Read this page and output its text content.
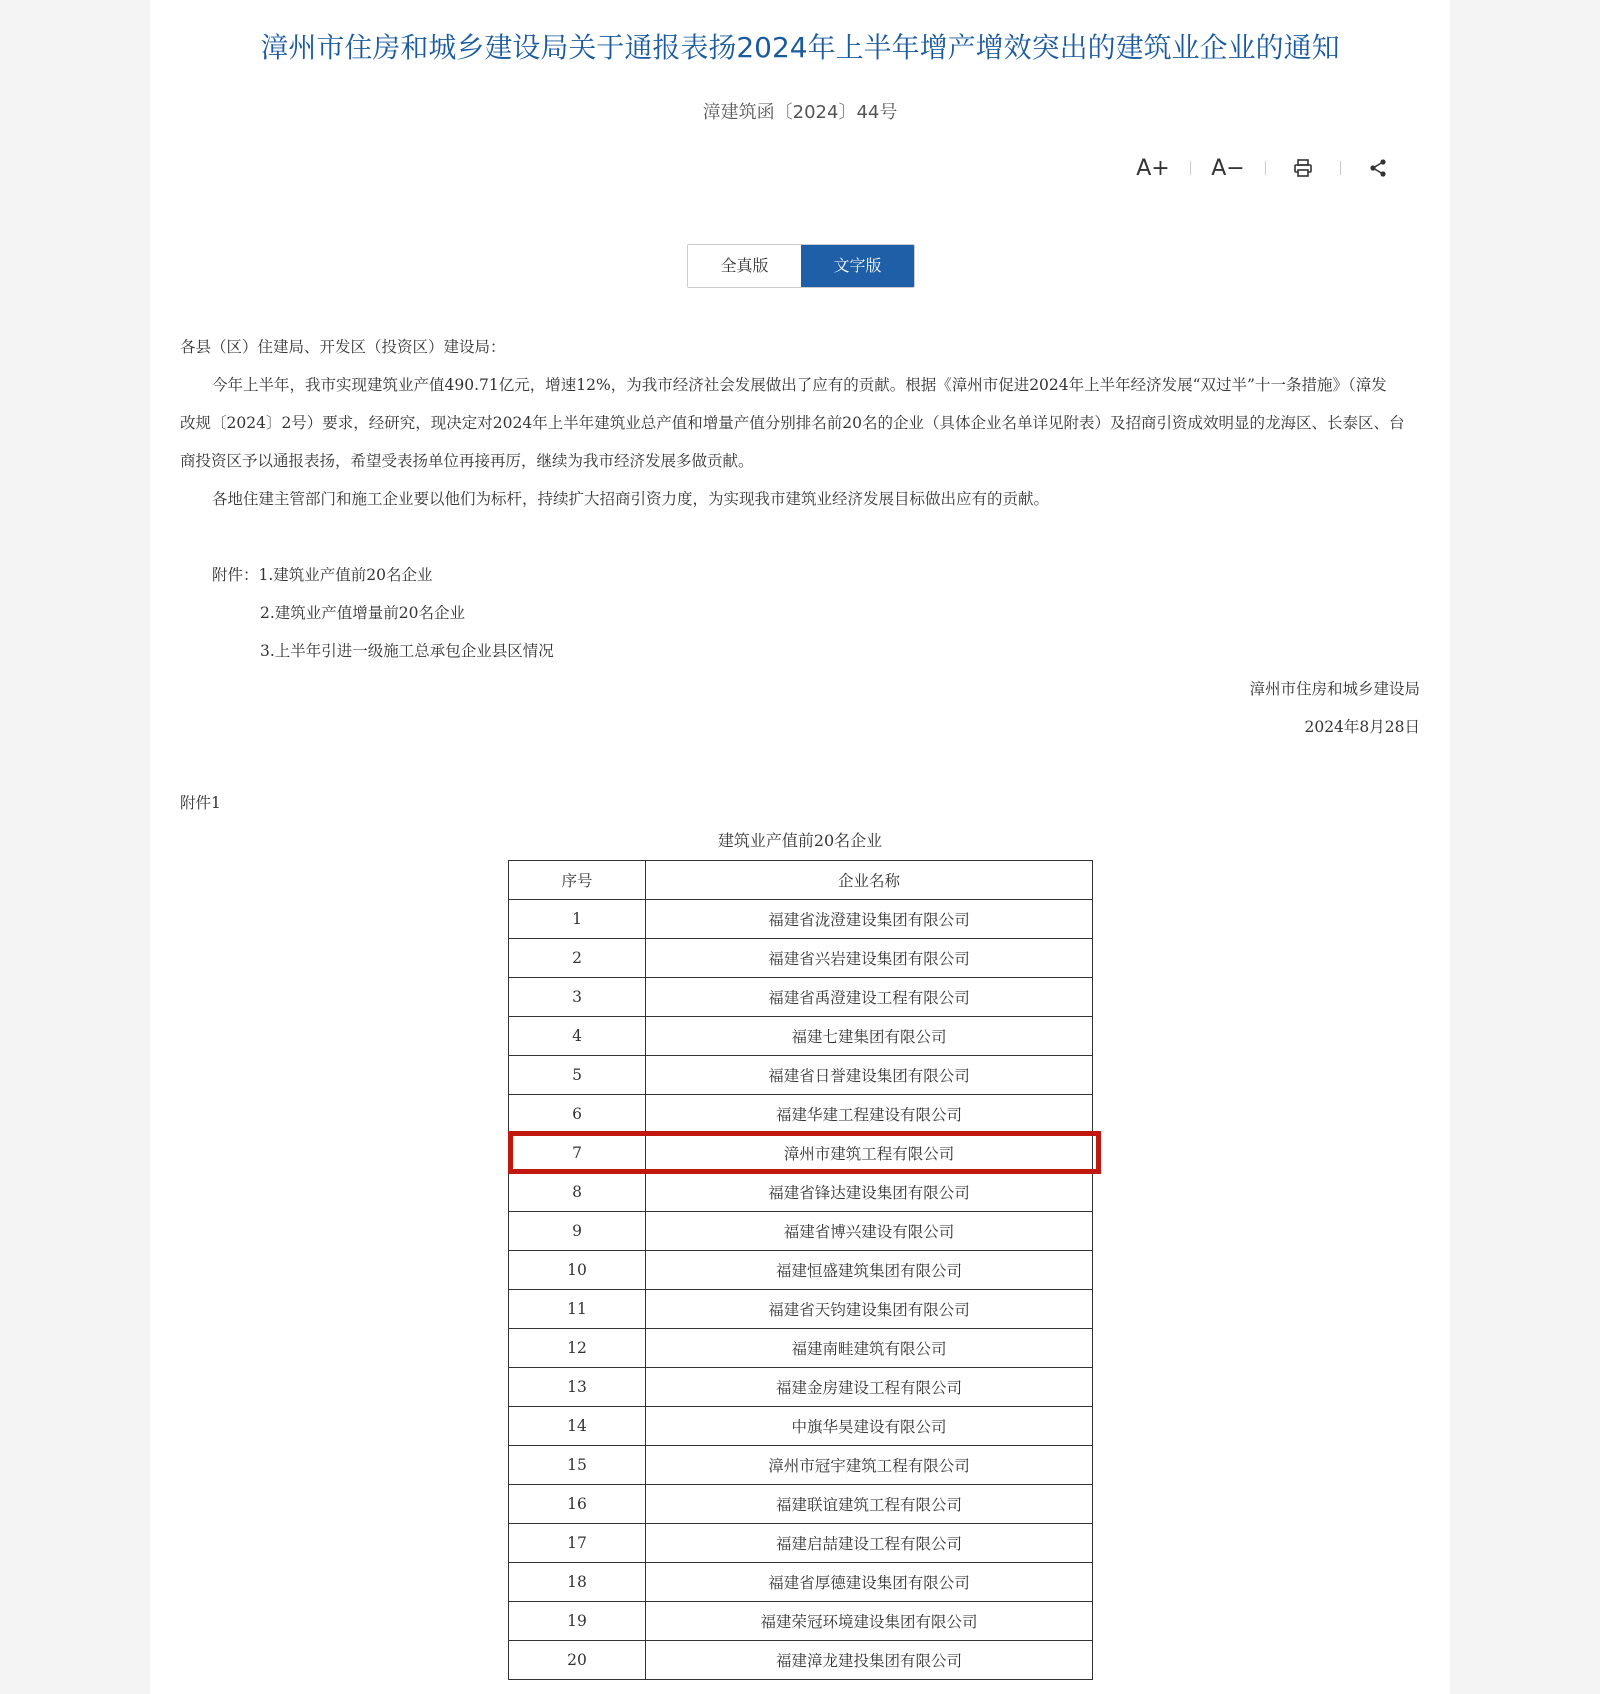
漳州市住房和城乡建设局关于通报表扬2024年上半年增产增效突出的建筑业企业的通知
漳建筑函〔2024〕44号
A+ A−
全真版	文字版
各县（区）住建局、开发区（投资区）建设局：
今年上半年，我市实现建筑业产值490.71亿元，增速12%，为我市经济社会发展做出了应有的贡献。根据《漳州市促进2024年上半年经济发展“双过半”十一条措施》（漳发
改规〔2024〕2号）要求，经研究，现决定对2024年上半年建筑业总产值和增量产值分别排名前20名的企业（具体企业名单详见附表）及招商引资成效明显的龙海区、长泰区、台
商投资区予以通报表扬，希望受表扬单位再接再厉，继续为我市经济发展多做贡献。
各地住建主管部门和施工企业要以他们为标杆，持续扩大招商引资力度，为实现我市建筑业经济发展目标做出应有的贡献。
附件：1.建筑业产值前20名企业
2.建筑业产值增量前20名企业
3.上半年引进一级施工总承包企业县区情况
漳州市住房和城乡建设局
2024年8月28日
附件1
建筑业产值前20名企业
序号	企业名称
1	福建省泷澄建设集团有限公司
2	福建省兴岩建设集团有限公司
3	福建省禹澄建设工程有限公司
4	福建七建集团有限公司
5	福建省日誉建设集团有限公司
6	福建华建工程建设有限公司
7	漳州市建筑工程有限公司
8	福建省锋达建设集团有限公司
9	福建省博兴建设有限公司
10	福建恒盛建筑集团有限公司
11	福建省天钧建设集团有限公司
12	福建南畦建筑有限公司
13	福建金房建设工程有限公司
14	中旗华昊建设有限公司
15	漳州市冠宇建筑工程有限公司
16	福建联谊建筑工程有限公司
17	福建启喆建设工程有限公司
18	福建省厚德建设集团有限公司
19	福建荣冠环境建设集团有限公司
20	福建漳龙建投集团有限公司
